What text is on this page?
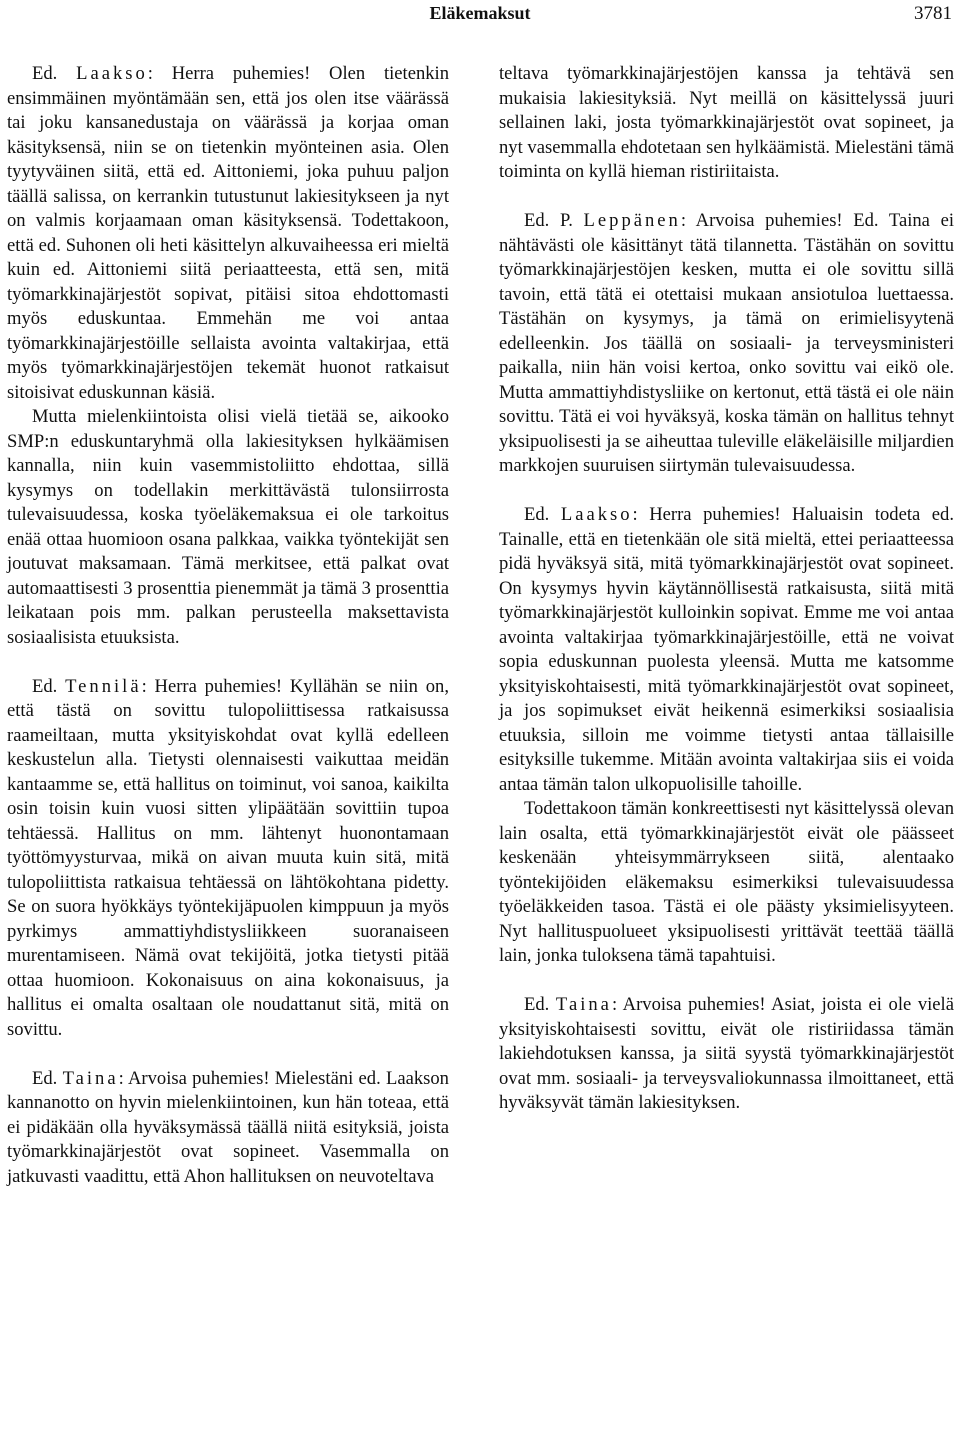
Eläkemaksut	3781

Ed. Laakso: Herra puhemies! Olen tietenkin ensimmäinen myöntämään sen, että jos olen itse väärässä tai joku kansanedustaja on väärässä ja korjaa oman käsityksensä, niin se on tietenkin myönteinen asia. Olen tyytyväinen siitä, että ed. Aittoniemi, joka puhuu paljon täällä salissa, on kerrankin tutustunut lakiesitykseen ja nyt on valmis korjaamaan oman käsityksensä. Todettakoon, että ed. Suhonen oli heti käsittelyn alkuvaiheessa eri mieltä kuin ed. Aittoniemi siitä periaatteesta, että sen, mitä työmarkkinajärjestöt sopivat, pitäisi sitoa ehdottomasti myös eduskuntaa. Emmehän me voi antaa työmarkkinajärjestöille sellaista avointa valtakirjaa, että myös työmarkkinajärjestöjen tekemät huonot ratkaisut sitoisivat eduskunnan käsiä.

Mutta mielenkiintoista olisi vielä tietää se, aikooko SMP:n eduskuntaryhmä olla lakiesityksen hylkäämisen kannalla, niin kuin vasemmistoliitto ehdottaa, sillä kysymys on todellakin merkittävästä tulonsiirrosta tulevaisuudessa, koska työeläkemaksua ei ole tarkoitus enää ottaa huomioon osana palkkaa, vaikka työntekijät sen joutuvat maksamaan. Tämä merkitsee, että palkat ovat automaattisesti 3 prosenttia pienemmät ja tämä 3 prosenttia leikataan pois mm. palkan perusteella maksettavista sosiaalisista etuuksista.

Ed. Tennilä: Herra puhemies! Kyllähän se niin on, että tästä on sovittu tulopoliittisessa ratkaisussa raameiltaan, mutta yksityiskohdat ovat kyllä edelleen keskustelun alla. Tietysti olennaisesti vaikuttaa meidän kantaamme se, että hallitus on toiminut, voi sanoa, kaikilta osin toisin kuin vuosi sitten ylipäätään sovittiin tupoa tehtäessä. Hallitus on mm. lähtenyt huonontamaan työttömyysturvaa, mikä on aivan muuta kuin sitä, mitä tulopoliittista ratkaisua tehtäessä on lähtökohtana pidetty. Se on suora hyökkäys työntekijäpuolen kimppuun ja myös pyrkimys ammattiyhdistysliikkeen suoranaiseen murentamiseen. Nämä ovat tekijöitä, jotka tietysti pitää ottaa huomioon. Kokonaisuus on aina kokonaisuus, ja hallitus ei omalta osaltaan ole noudattanut sitä, mitä on sovittu.

Ed. Taina: Arvoisa puhemies! Mielestäni ed. Laakson kannanotto on hyvin mielenkiintoinen, kun hän toteaa, että ei pidäkään olla hyväksymässä täällä niitä esityksiä, joista työmarkkinajärjestöt ovat sopineet. Vasemmalla on jatkuvasti vaadittu, että Ahon hallituksen on neuvoteltava

teltava työmarkkinajärjestöjen kanssa ja tehtävä sen mukaisia lakiesityksiä. Nyt meillä on käsittelyssä juuri sellainen laki, josta työmarkkinajärjestöt ovat sopineet, ja nyt vasemmalla ehdotetaan sen hylkäämistä. Mielestäni tämä toiminta on kyllä hieman ristiriitaista.

Ed. P. Leppänen: Arvoisa puhemies! Ed. Taina ei nähtävästi ole käsittänyt tätä tilannetta. Tästähän on sovittu työmarkkinajärjestöjen kesken, mutta ei ole sovittu sillä tavoin, että tätä ei otettaisi mukaan ansiotuloa luettaessa. Tästähän on kysymys, ja tämä on erimielisyytenä edelleenkin. Jos täällä on sosiaali- ja terveysministeri paikalla, niin hän voisi kertoa, onko sovittu vai eikö ole. Mutta ammattiyhdistysliike on kertonut, että tästä ei ole näin sovittu. Tätä ei voi hyväksyä, koska tämän on hallitus tehnyt yksipuolisesti ja se aiheuttaa tuleville eläkeläisille miljardien markkojen suuruisen siirtymän tulevaisuudessa.

Ed. Laakso: Herra puhemies! Haluaisin todeta ed. Tainalle, että en tietenkään ole sitä mieltä, ettei periaatteessa pidä hyväksyä sitä, mitä työmarkkinajärjestöt ovat sopineet. On kysymys hyvin käytännöllisestä ratkaisusta, siitä mitä työmarkkinajärjestöt kulloinkin sopivat. Emme me voi antaa avointa valtakirjaa työmarkkinajärjestöille, että ne voivat sopia eduskunnan puolesta yleensä. Mutta me katsomme yksityiskohtaisesti, mitä työmarkkinajärjestöt ovat sopineet, ja jos sopimukset eivät heikennä esimerkiksi sosiaalisia etuuksia, silloin me voimme tietysti antaa tällaisille esityksille tukemme. Mitään avointa valtakirjaa siis ei voida antaa tämän talon ulkopuolisille tahoille.

Todettakoon tämän konkreettisesti nyt käsittelyssä olevan lain osalta, että työmarkkinajärjestöt eivät ole päässeet keskenään yhteisymmärrykseen siitä, alentaako työntekijöiden eläkemaksu esimerkiksi tulevaisuudessa työeläkkeiden tasoa. Tästä ei ole päästy yksimielisyyteen. Nyt hallituspuolueet yksipuolisesti yrittävät teettää täällä lain, jonka tuloksena tämä tapahtuisi.

Ed. Taina: Arvoisa puhemies! Asiat, joista ei ole vielä yksityiskohtaisesti sovittu, eivät ole ristiriidassa tämän lakiehdotuksen kanssa, ja siitä syystä työmarkkinajärjestöt ovat mm. sosiaali- ja terveysvaliokunnassa ilmoittaneet, että hyväksyvät tämän lakiesityksen.
